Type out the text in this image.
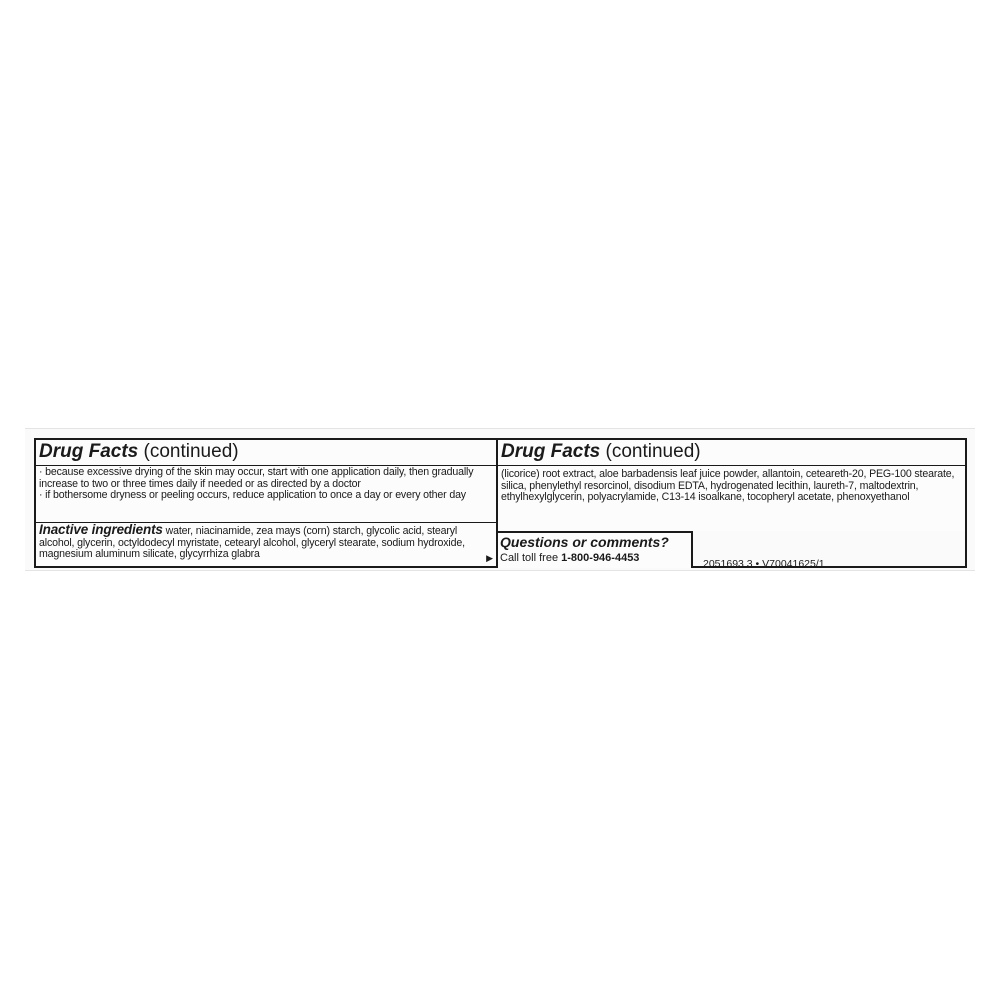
Drug Facts (continued)
· because excessive drying of the skin may occur, start with one application daily, then gradually increase to two or three times daily if needed or as directed by a doctor
· if bothersome dryness or peeling occurs, reduce application to once a day or every other day
Inactive ingredients water, niacinamide, zea mays (corn) starch, glycolic acid, stearyl alcohol, glycerin, octyldodecyl myristate, cetearyl alcohol, glyceryl stearate, sodium hydroxide, magnesium aluminum silicate, glycyrrhiza glabra	▶
Drug Facts (continued)
(licorice) root extract, aloe barbadensis leaf juice powder, allantoin, ceteareth-20, PEG-100 stearate, silica, phenylethyl resorcinol, disodium EDTA, hydrogenated lecithin, laureth-7, maltodextrin, ethylhexylglycerin, polyacrylamide, C13-14 isoalkane, tocopheryl acetate, phenoxyethanol
Questions or comments?
Call toll free 1-800-946-4453	2051693 3 • V70041625/1
